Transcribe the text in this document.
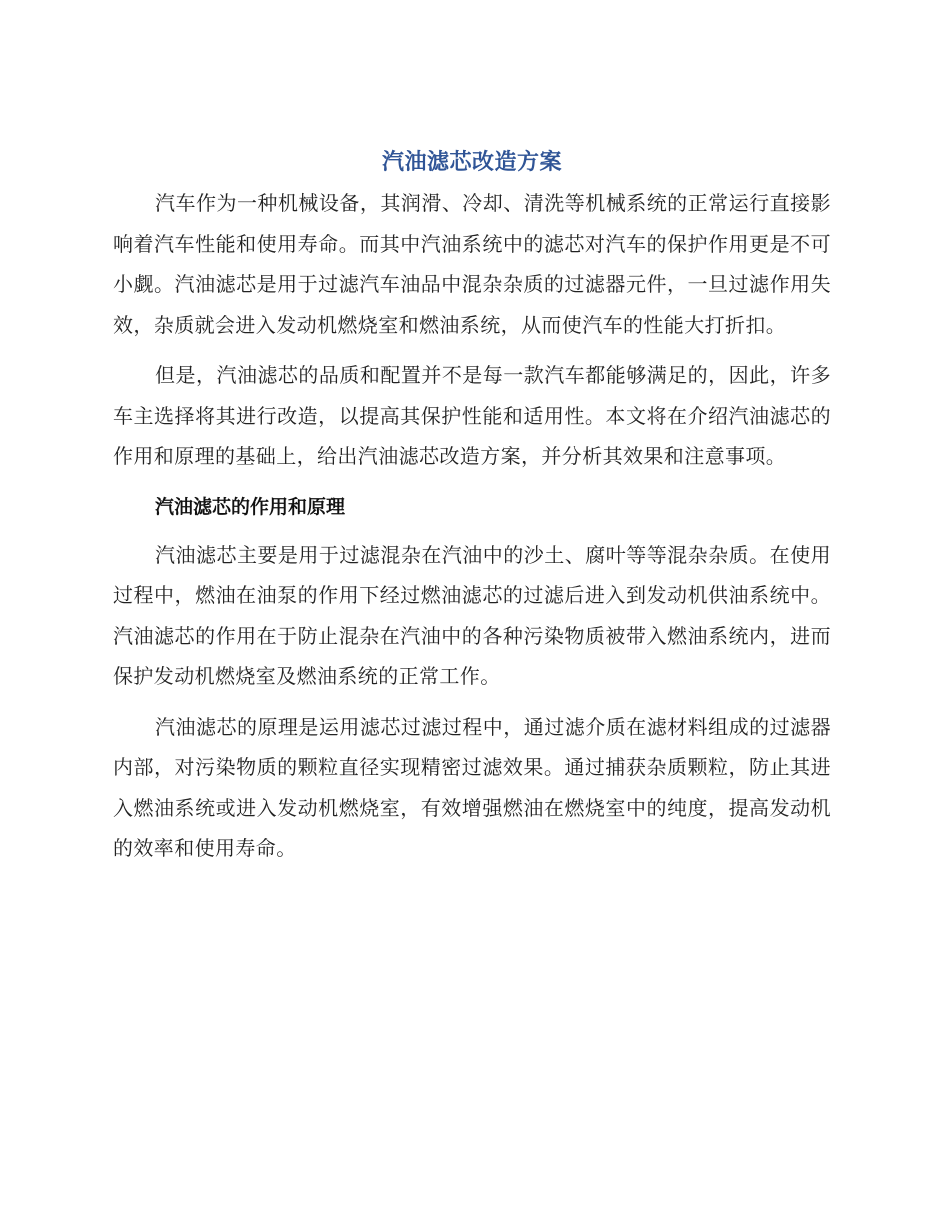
汽油滤芯改造方案

汽车作为一种机械设备，其润滑、冷却、清洗等机械系统的正常运行直接影响着汽车性能和使用寿命。而其中汽油系统中的滤芯对汽车的保护作用更是不可小觑。汽油滤芯是用于过滤汽车油品中混杂杂质的过滤器元件，一旦过滤作用失效，杂质就会进入发动机燃烧室和燃油系统，从而使汽车的性能大打折扣。

但是，汽油滤芯的品质和配置并不是每一款汽车都能够满足的，因此，许多车主选择将其进行改造，以提高其保护性能和适用性。本文将在介绍汽油滤芯的作用和原理的基础上，给出汽油滤芯改造方案，并分析其效果和注意事项。

汽油滤芯的作用和原理

汽油滤芯主要是用于过滤混杂在汽油中的沙土、腐叶等等混杂杂质。在使用过程中，燃油在油泵的作用下经过燃油滤芯的过滤后进入到发动机供油系统中。汽油滤芯的作用在于防止混杂在汽油中的各种污染物质被带入燃油系统内，进而保护发动机燃烧室及燃油系统的正常工作。

汽油滤芯的原理是运用滤芯过滤过程中，通过滤介质在滤材料组成的过滤器内部，对污染物质的颗粒直径实现精密过滤效果。通过捕获杂质颗粒，防止其进入燃油系统或进入发动机燃烧室，有效增强燃油在燃烧室中的纯度，提高发动机的效率和使用寿命。
